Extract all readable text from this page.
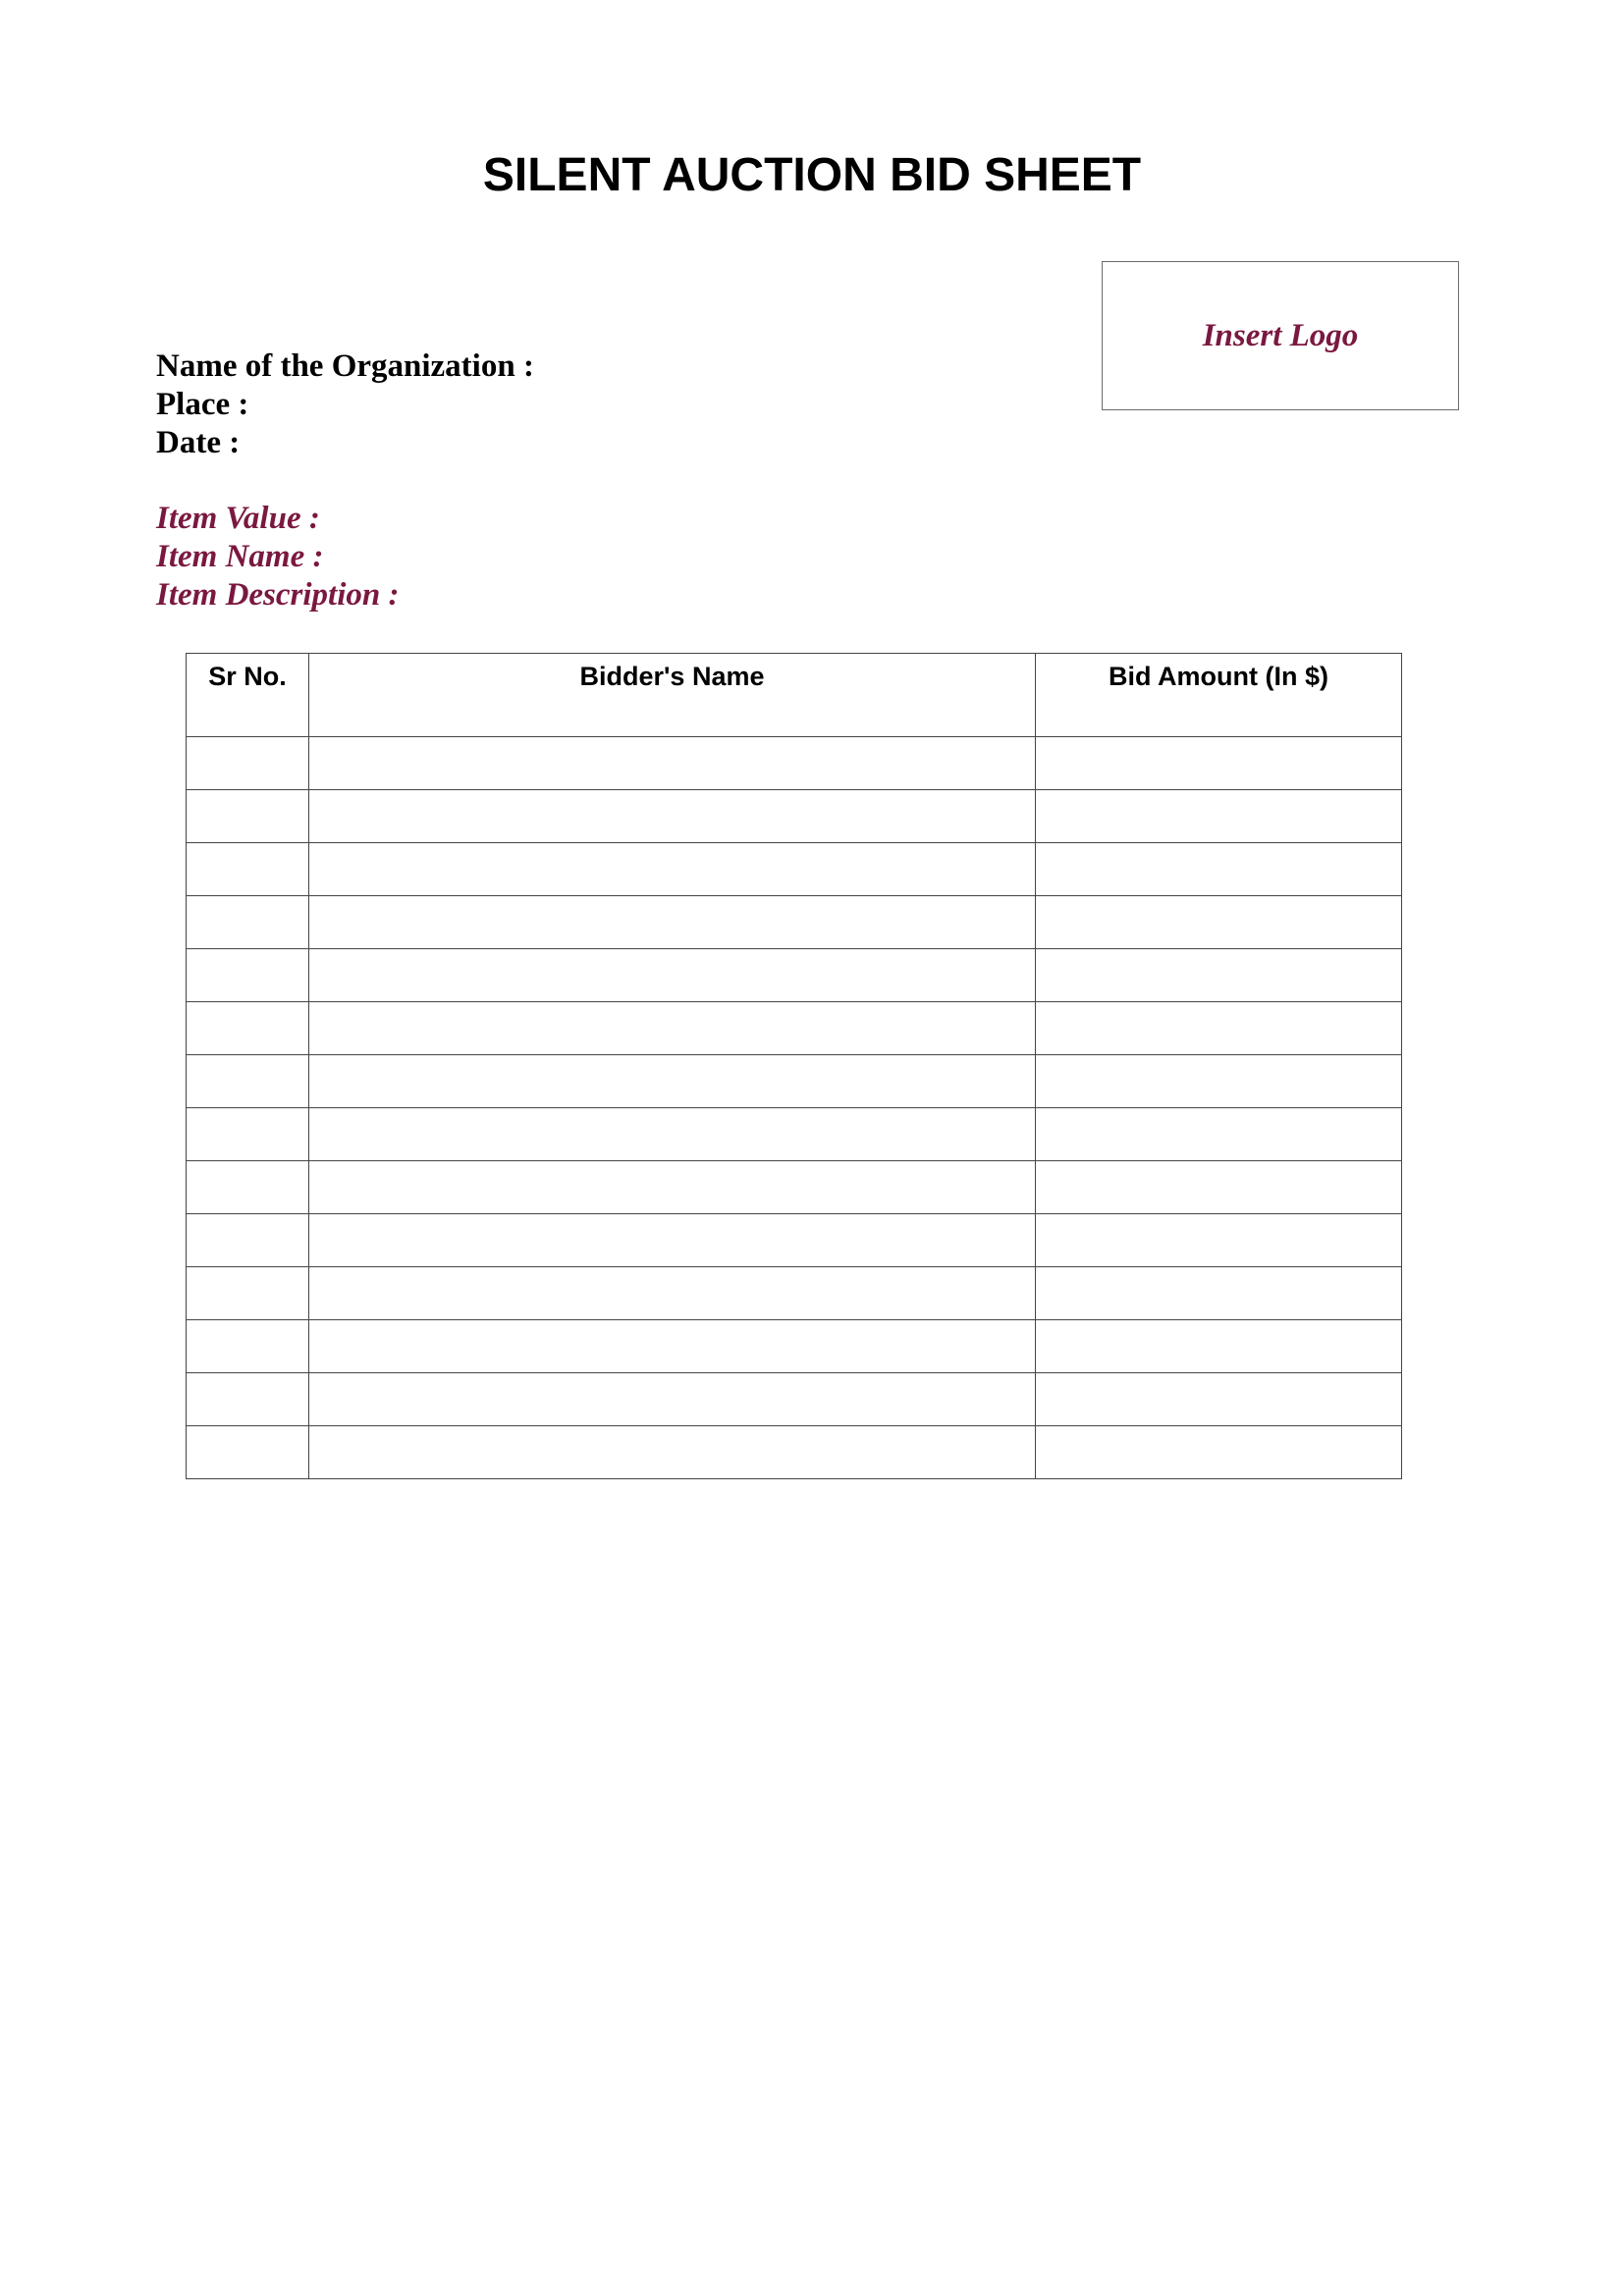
SILENT AUCTION BID SHEET
Insert Logo
Name of the Organization :
Place :
Date :
Item Value :
Item Name :
Item Description :
Sr No.	Bidder's Name	Bid Amount (In $)
